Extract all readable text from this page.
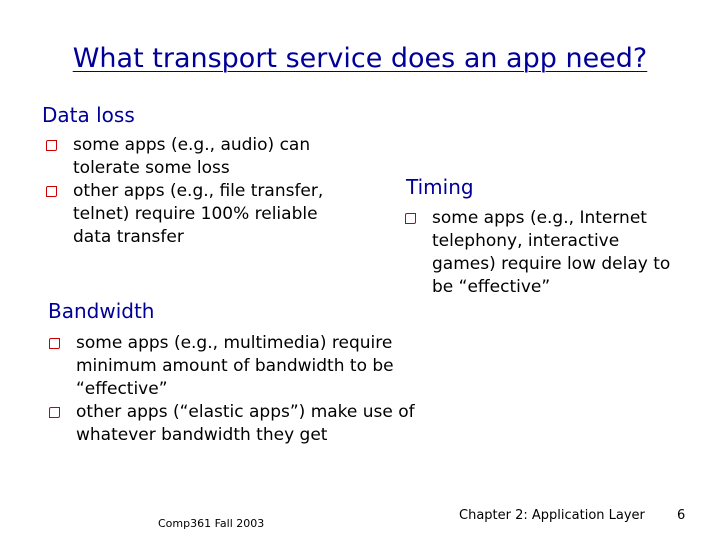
What transport service does an app need?
Data loss
some apps (e.g., audio) can tolerate some loss
other apps (e.g., file transfer, telnet) require 100% reliable data transfer
Timing
some apps (e.g., Internet telephony, interactive games) require low delay to be “effective”
Bandwidth
some apps (e.g., multimedia) require minimum amount of bandwidth to be “effective”
other apps (“elastic apps”) make use of whatever bandwidth they get
Comp361 Fall 2003
Chapter 2: Application Layer 6
